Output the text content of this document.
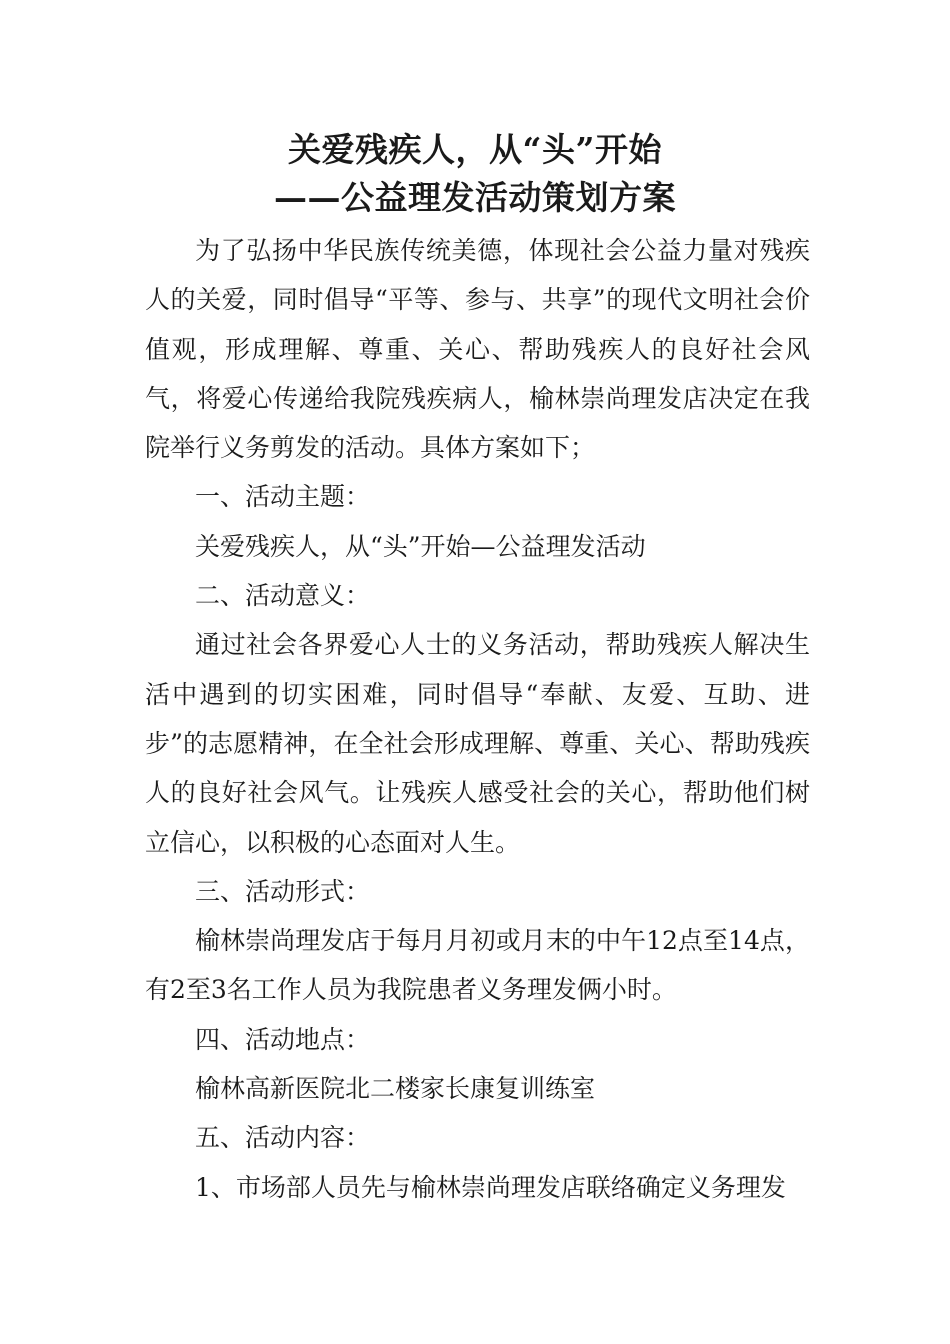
关爱残疾人，从“头”开始
——公益理发活动策划方案

为了弘扬中华民族传统美德，体现社会公益力量对残疾人的关爱，同时倡导“平等、参与、共享”的现代文明社会价值观，形成理解、尊重、关心、帮助残疾人的良好社会风气，将爱心传递给我院残疾病人，榆林崇尚理发店决定在我院举行义务剪发的活动。具体方案如下；

一、活动主题：

关爱残疾人，从“头”开始—公益理发活动

二、活动意义：

通过社会各界爱心人士的义务活动，帮助残疾人解决生活中遇到的切实困难，同时倡导“奉献、友爱、互助、进步”的志愿精神，在全社会形成理解、尊重、关心、帮助残疾人的良好社会风气。让残疾人感受社会的关心，帮助他们树立信心，以积极的心态面对人生。

三、活动形式：

榆林崇尚理发店于每月月初或月末的中午12点至14点，有2至3名工作人员为我院患者义务理发俩小时。

四、活动地点：

榆林高新医院北二楼家长康复训练室

五、活动内容：

1、市场部人员先与榆林崇尚理发店联络确定义务理发
